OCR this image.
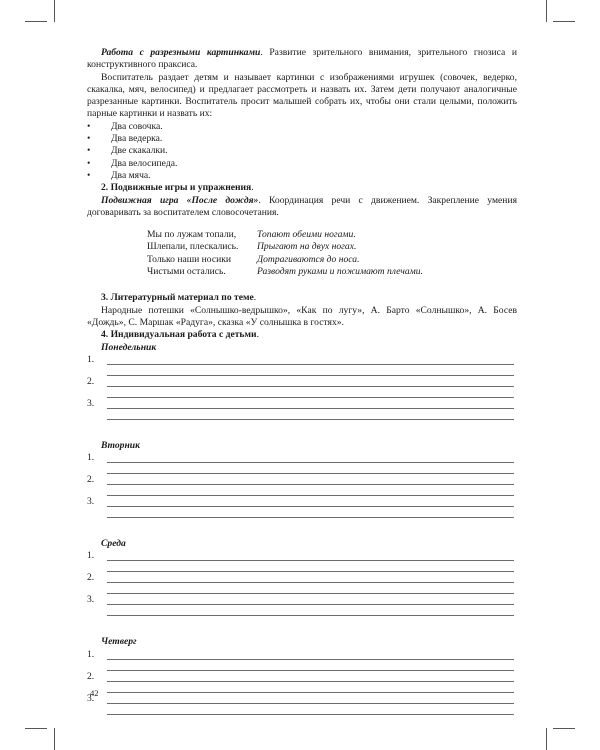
Работа с разрезными картинками. Развитие зрительного внимания, зрительного гнозиса и конструктивного праксиса.

Воспитатель раздает детям и называет картинки с изображениями игрушек (совочек, ведерко, скакалка, мяч, велосипед) и предлагает рассмотреть и назвать их. Затем дети получают аналогичные разрезанные картинки. Воспитатель просит малышей собрать их, чтобы они стали целыми, положить парные картинки и назвать их:

• Два совочка.
• Два ведерка.
• Две скакалки.
• Два велосипеда.
• Два мяча.

2. Подвижные игры и упражнения.

Подвижная игра «После дождя». Координация речи с движением. Закрепление умения договаривать за воспитателем словосочетания.

Мы по лужам топали,	Топают обеими ногами.
Шлепали, плескались.	Прыгают на двух ногах.
Только наши носики	Дотрагиваются до носа.
Чистыми остались.	Разводят руками и пожимают плечами.

3. Литературный материал по теме.

Народные потешки «Солнышко-ведрышко», «Как по лугу», А. Барто «Солнышко», А. Босев «Дождь», С. Маршак «Радуга», сказка «У солнышка в гостях».

4. Индивидуальная работа с детьми.

Понедельник

1.
2.
3.

Вторник

1.
2.
3.

Среда

1.
2.
3.

Четверг

1.
2.
3.
42
